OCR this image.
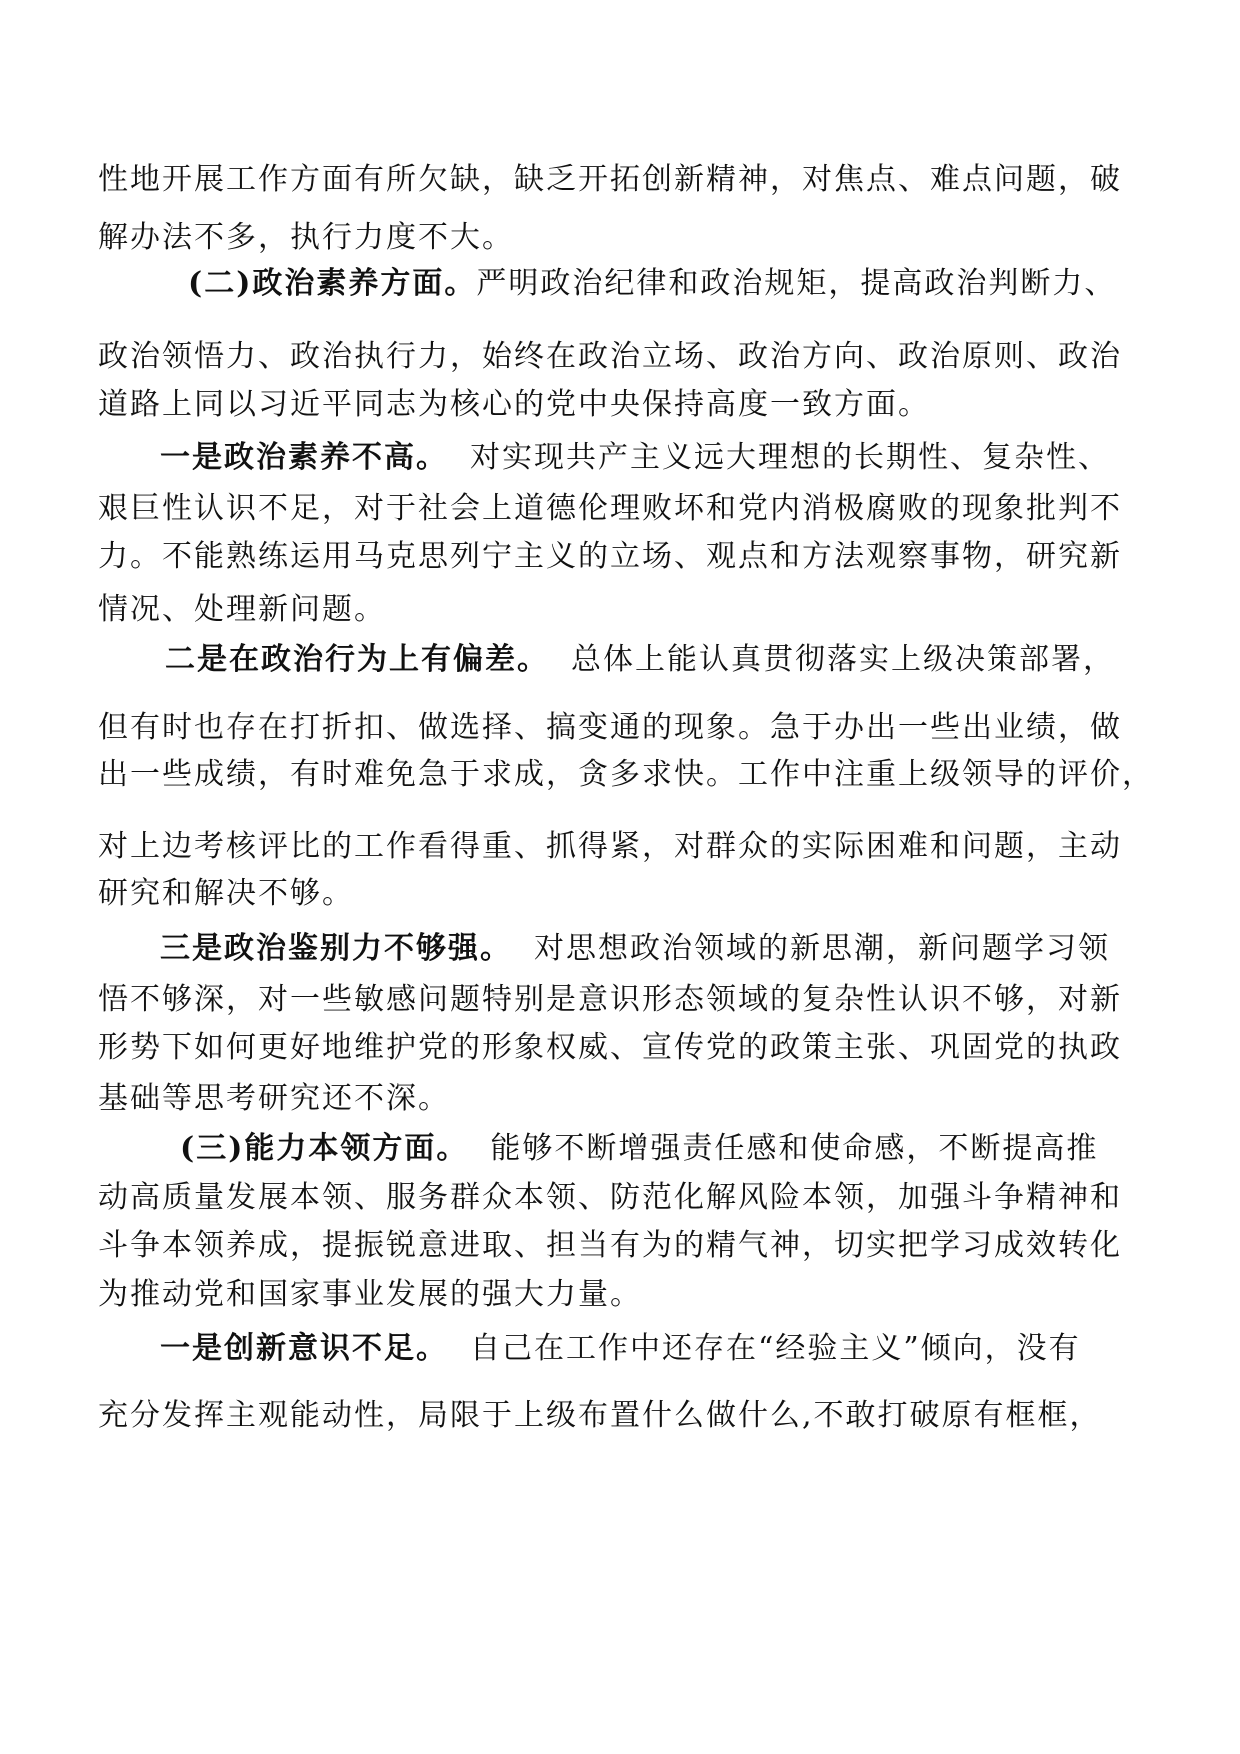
性地开展工作方面有所欠缺，缺乏开拓创新精神，对焦点、难点问题，破
解办法不多，执行力度不大。
(二)政治素养方面。严明政治纪律和政治规矩，提高政治判断力、
政治领悟力、政治执行力，始终在政治立场、政治方向、政治原则、政治
道路上同以习近平同志为核心的党中央保持高度一致方面。
一是政治素养不高。 对实现共产主义远大理想的长期性、复杂性、
艰巨性认识不足，对于社会上道德伦理败坏和党内消极腐败的现象批判不
力。不能熟练运用马克思列宁主义的立场、观点和方法观察事物，研究新
情况、处理新问题。
二是在政治行为上有偏差。 总体上能认真贯彻落实上级决策部署，
但有时也存在打折扣、做选择、搞变通的现象。急于办出一些出业绩，做
出一些成绩，有时难免急于求成，贪多求快。工作中注重上级领导的评价，
对上边考核评比的工作看得重、抓得紧，对群众的实际困难和问题，主动
研究和解决不够。
三是政治鉴别力不够强。 对思想政治领域的新思潮，新问题学习领
悟不够深，对一些敏感问题特别是意识形态领域的复杂性认识不够，对新
形势下如何更好地维护党的形象权威、宣传党的政策主张、巩固党的执政
基础等思考研究还不深。
(三)能力本领方面。 能够不断增强责任感和使命感，不断提高推
动高质量发展本领、服务群众本领、防范化解风险本领，加强斗争精神和
斗争本领养成，提振锐意进取、担当有为的精气神，切实把学习成效转化
为推动党和国家事业发展的强大力量。
一是创新意识不足。 自己在工作中还存在“经验主义”倾向，没有
充分发挥主观能动性，局限于上级布置什么做什么,不敢打破原有框框，
